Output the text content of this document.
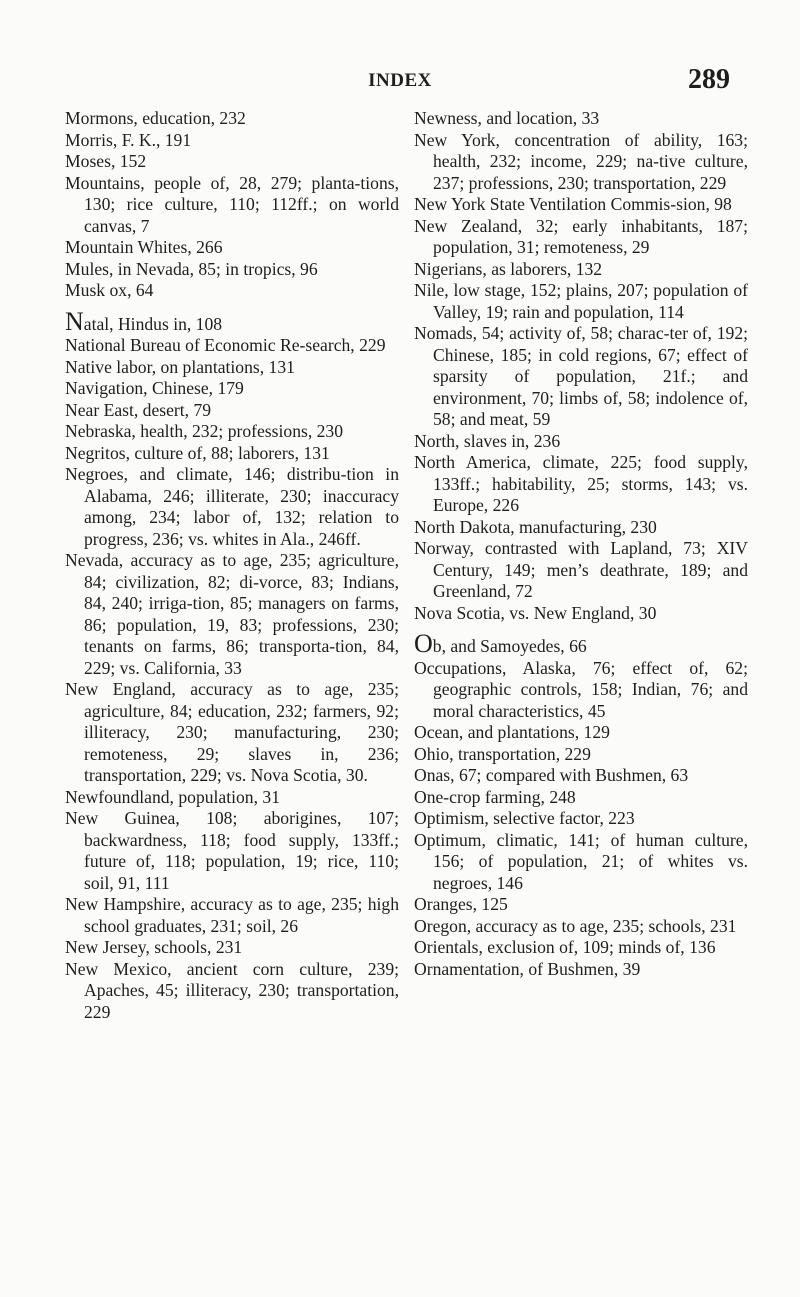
INDEX	289
Mormons, education, 232
Morris, F. K., 191
Moses, 152
Mountains, people of, 28, 279; planta-tions, 130; rice culture, 110; 112ff.; on world canvas, 7
Mountain Whites, 266
Mules, in Nevada, 85; in tropics, 96
Musk ox, 64
Natal, Hindus in, 108
National Bureau of Economic Re-search, 229
Native labor, on plantations, 131
Navigation, Chinese, 179
Near East, desert, 79
Nebraska, health, 232; professions, 230
Negritos, culture of, 88; laborers, 131
Negroes, and climate, 146; distribu-tion in Alabama, 246; illiterate, 230; inaccuracy among, 234; labor of, 132; relation to progress, 236; vs. whites in Ala., 246ff.
Nevada, accuracy as to age, 235; agriculture, 84; civilization, 82; di-vorce, 83; Indians, 84, 240; irriga-tion, 85; managers on farms, 86; population, 19, 83; professions, 230; tenants on farms, 86; transporta-tion, 84, 229; vs. California, 33
New England, accuracy as to age, 235; agriculture, 84; education, 232; farmers, 92; illiteracy, 230; manufacturing, 230; remoteness, 29; slaves in, 236; transportation, 229; vs. Nova Scotia, 30.
Newfoundland, population, 31
New Guinea, 108; aborigines, 107; backwardness, 118; food supply, 133ff.; future of, 118; population, 19; rice, 110; soil, 91, 111
New Hampshire, accuracy as to age, 235; high school graduates, 231; soil, 26
New Jersey, schools, 231
New Mexico, ancient corn culture, 239; Apaches, 45; illiteracy, 230; transportation, 229
Newness, and location, 33
New York, concentration of ability, 163; health, 232; income, 229; na-tive culture, 237; professions, 230; transportation, 229
New York State Ventilation Commis-sion, 98
New Zealand, 32; early inhabitants, 187; population, 31; remoteness, 29
Nigerians, as laborers, 132
Nile, low stage, 152; plains, 207; population of Valley, 19; rain and population, 114
Nomads, 54; activity of, 58; charac-ter of, 192; Chinese, 185; in cold regions, 67; effect of sparsity of population, 21f.; and environment, 70; limbs of, 58; indolence of, 58; and meat, 59
North, slaves in, 236
North America, climate, 225; food supply, 133ff.; habitability, 25; storms, 143; vs. Europe, 226
North Dakota, manufacturing, 230
Norway, contrasted with Lapland, 73; XIV Century, 149; men’s deathrate, 189; and Greenland, 72
Nova Scotia, vs. New England, 30
Ob, and Samoyedes, 66
Occupations, Alaska, 76; effect of, 62; geographic controls, 158; Indian, 76; and moral characteristics, 45
Ocean, and plantations, 129
Ohio, transportation, 229
Onas, 67; compared with Bushmen, 63
One-crop farming, 248
Optimism, selective factor, 223
Optimum, climatic, 141; of human culture, 156; of population, 21; of whites vs. negroes, 146
Oranges, 125
Oregon, accuracy as to age, 235; schools, 231
Orientals, exclusion of, 109; minds of, 136
Ornamentation, of Bushmen, 39
